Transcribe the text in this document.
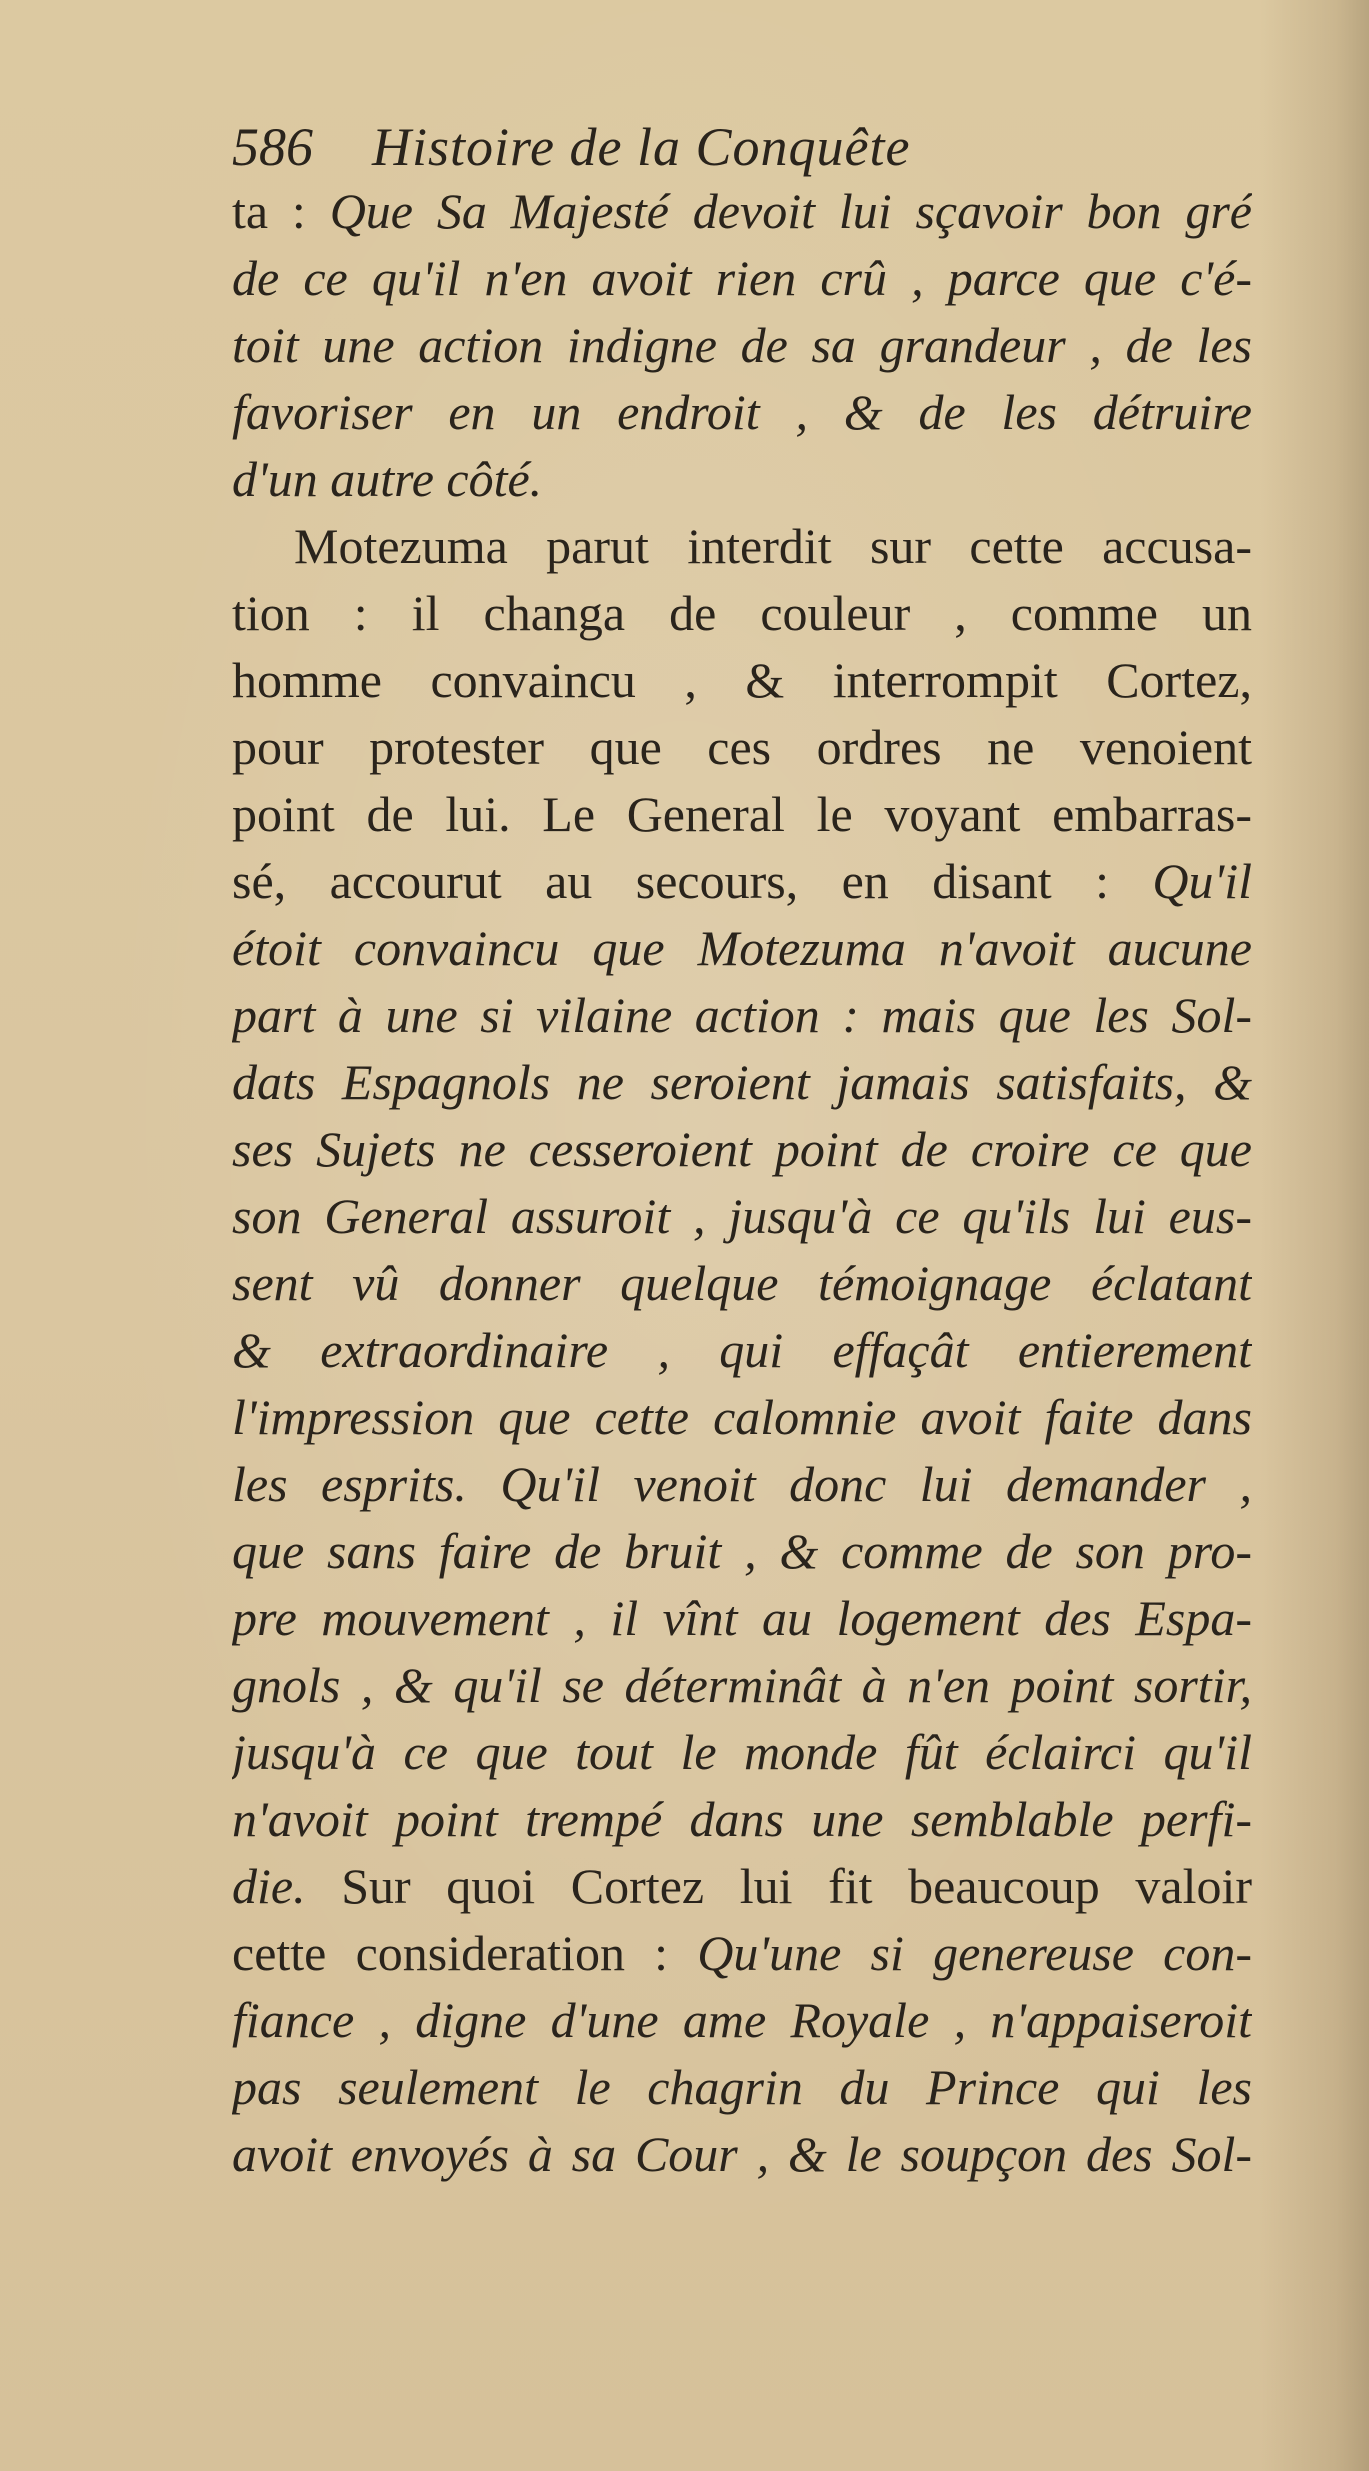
586 Histoire de la Conquête
ta : Que Sa Majesté devoit lui sçavoir bon gré
de ce qu'il n'en avoit rien crû , parce que c'é-
toit une action indigne de sa grandeur , de les
favoriser en un endroit , & de les détruire
d'un autre côté.
Motezuma parut interdit sur cette accusa-
tion : il changa de couleur , comme un
homme convaincu , & interrompit Cortez,
pour protester que ces ordres ne venoient
point de lui. Le General le voyant embarras-
sé, accourut au secours, en disant : Qu'il
étoit convaincu que Motezuma n'avoit aucune
part à une si vilaine action : mais que les Sol-
dats Espagnols ne seroient jamais satisfaits, &
ses Sujets ne cesseroient point de croire ce que
son General assuroit , jusqu'à ce qu'ils lui eus-
sent vû donner quelque témoignage éclatant
& extraordinaire , qui effaçât entierement
l'impression que cette calomnie avoit faite dans
les esprits. Qu'il venoit donc lui demander ,
que sans faire de bruit , & comme de son pro-
pre mouvement , il vînt au logement des Espa-
gnols , & qu'il se déterminât à n'en point sortir,
jusqu'à ce que tout le monde fût éclairci qu'il
n'avoit point trempé dans une semblable perfi-
die. Sur quoi Cortez lui fit beaucoup valoir
cette consideration : Qu'une si genereuse con-
fiance , digne d'une ame Royale , n'appaiseroit
pas seulement le chagrin du Prince qui les
avoit envoyés à sa Cour , & le soupçon des Sol-
